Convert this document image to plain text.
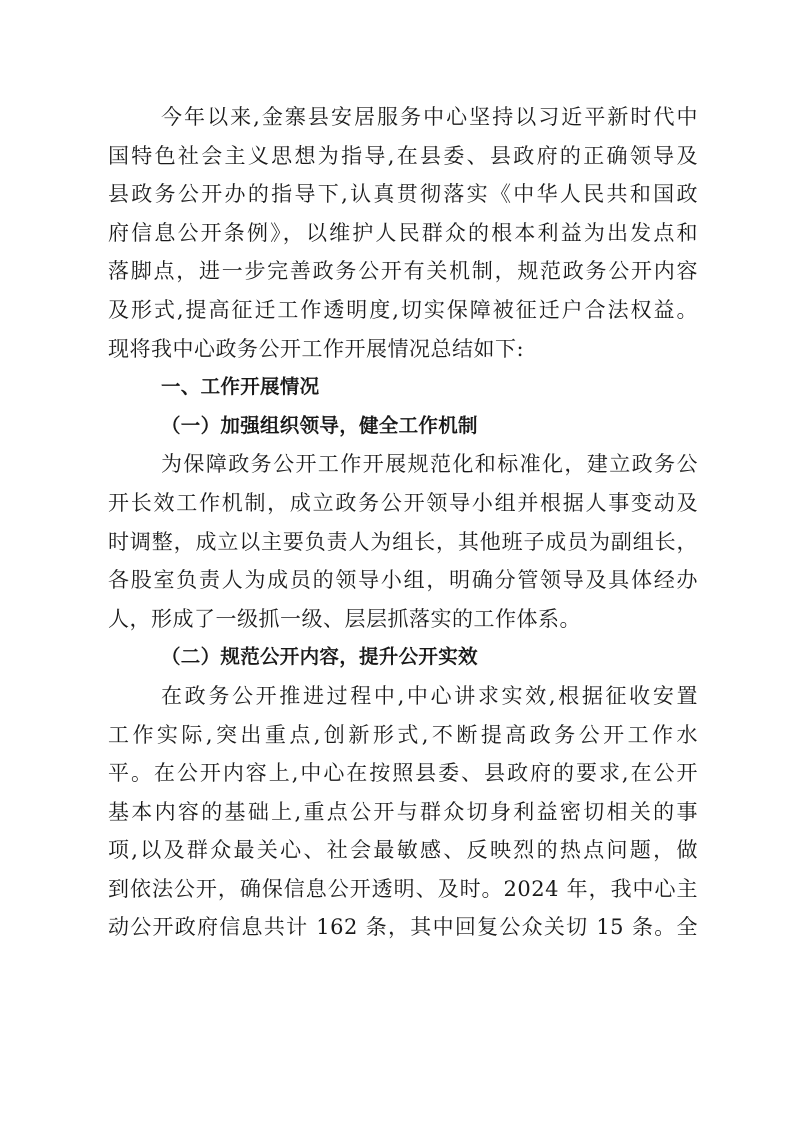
今年以来,金寨县安居服务中心坚持以习近平新时代中
国特色社会主义思想为指导,在县委、县政府的正确领导及
县政务公开办的指导下,认真贯彻落实《中华人民共和国政
府信息公开条例》，以维护人民群众的根本利益为出发点和
落脚点，进一步完善政务公开有关机制，规范政务公开内容
及形式,提高征迁工作透明度,切实保障被征迁户合法权益。
现将我中心政务公开工作开展情况总结如下:
一、工作开展情况
（一）加强组织领导，健全工作机制
为保障政务公开工作开展规范化和标准化，建立政务公
开长效工作机制，成立政务公开领导小组并根据人事变动及
时调整，成立以主要负责人为组长，其他班子成员为副组长，
各股室负责人为成员的领导小组，明确分管领导及具体经办
人，形成了一级抓一级、层层抓落实的工作体系。
（二）规范公开内容，提升公开实效
在政务公开推进过程中,中心讲求实效,根据征收安置
工作实际,突出重点,创新形式,不断提高政务公开工作水
平。在公开内容上,中心在按照县委、县政府的要求,在公开
基本内容的基础上,重点公开与群众切身利益密切相关的事
项,以及群众最关心、社会最敏感、反映烈的热点问题，做
到依法公开，确保信息公开透明、及时。2024 年，我中心主
动公开政府信息共计 162 条，其中回复公众关切 15 条。全
